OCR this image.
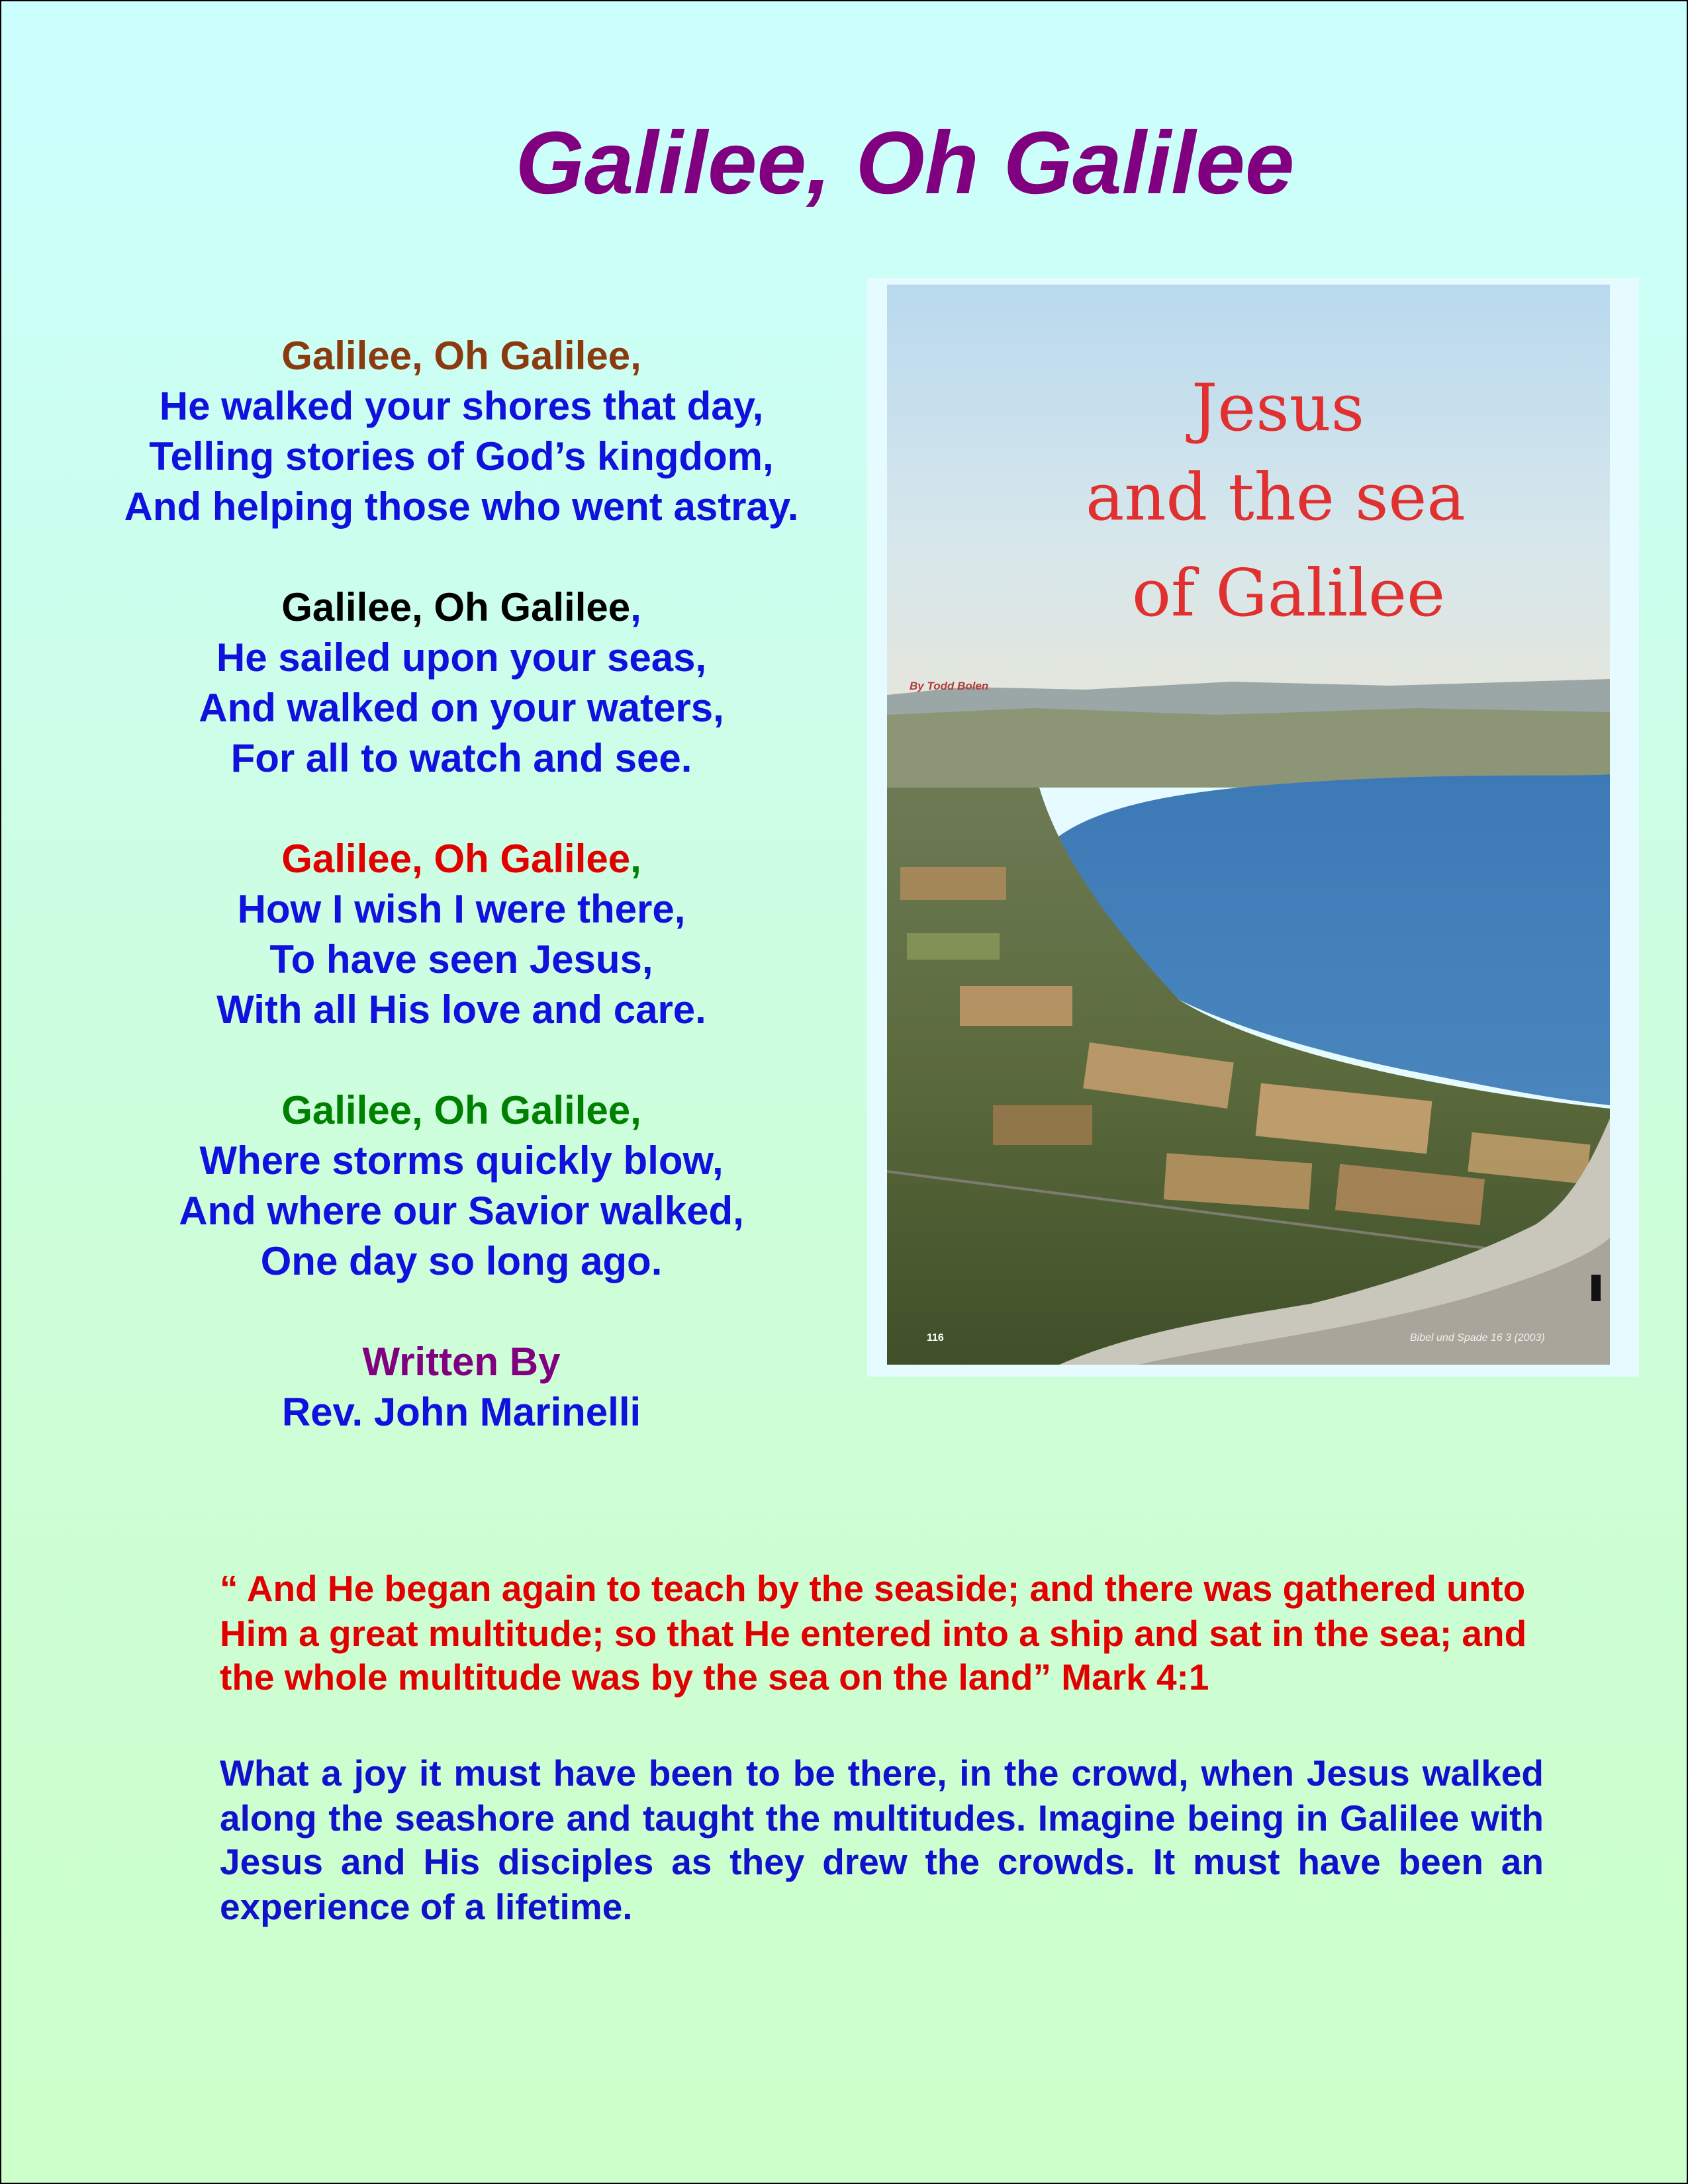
Galilee, Oh Galilee
Galilee, Oh Galilee,
He walked your shores that day,
Telling stories of God’s kingdom,
And helping those who went astray.
Galilee, Oh Galilee,
He sailed upon your seas,
And walked on your waters,
For all to watch and see.
Galilee, Oh Galilee,
How I wish I were there,
To have seen Jesus,
With all His love and care.
Galilee, Oh Galilee,
Where storms quickly blow,
And where our Savior walked,
One day so long ago.
Written By
Rev. John Marinelli
Jesus
and the sea
of Galilee
By Todd Bolen
116	Bibel und Spade 16 3 (2003)

“ And He began again to teach by the seaside; and there was gathered unto Him a great multitude; so that He entered into a ship and sat in the sea; and the whole multitude was by the sea on the land” Mark 4:1

What a joy it must have been to be there, in the crowd, when Jesus walked along the seashore and taught the multitudes. Imagine being in Galilee with Jesus and His disciples as they drew the crowds. It must have been an experience of a lifetime.
